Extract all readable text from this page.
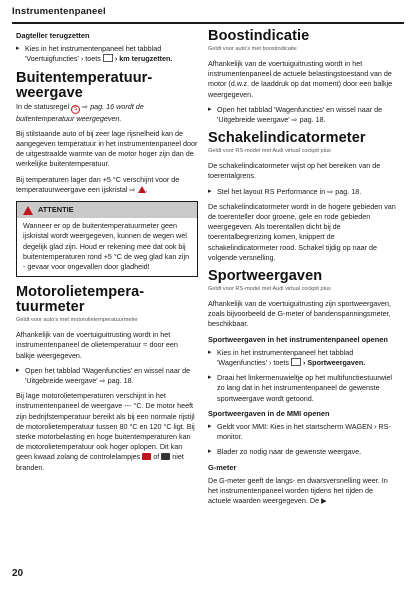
Instrumentenpaneel
Dagteller terugzetten

▸ Kies in het instrumentenpaneel het tabblad 'Voertuigfuncties' › toets › km terugzetten.

Buitentemperatuur-weergave

In de statusregel S ⇨ pag. 16 wordt de buitentemperatuur weergegeven.

Bij stilstaande auto of bij zeer lage rijsnelheid kan de aangegeven temperatuur in het instrumentenpaneel door de uitgestraalde warmte van de motor hoger zijn dan de werkelijke buitentemperatuur.

Bij temperaturen lager dan +5 °C verschijnt voor de temperatuurweergave een ijskristal ⇨ .

ATTENTIE
Wanneer er op de buitentemperatuurmeter geen ijskristal wordt weergegeven, kunnen de wegen wel degelijk glad zijn. Houd er rekening mee dat ook bij buitentemperaturen rond +5 °C de weg glad kan zijn - gevaar voor ongevallen door gladheid!
Motorolietempera-tuurmeter
Geldt voor auto's met motorolietemperatuurmeter

Afhankelijk van de voertuiguitrusting wordt in het instrumentenpaneel de olietemperatuur ≈ door een balkje weergegeven.

▸ Open het tabblad 'Wagenfuncties' en wissel naar de 'Uitgebreide weergave' ⇨ pag. 18.

Bij lage motorolietemperaturen verschijnt in het instrumentenpaneel de weergave --- °C. De motor heeft zijn bedrijfstemperatuur bereikt als bij een normale rijstijl de motorolietemperatuur tussen 80 °C en 120 °C ligt. Bij sterke motorbelasting en hoge buitentemperaturen kan de motorolietemperatuur ook hoger oplopen. Dit kan geen kwaad zolang de controlelampjes of niet branden.

Boostindicatie
Geldt voor auto's met boostindicatie

Afhankelijk van de voertuiguitrusting wordt in het instrumentenpaneel de actuele belastingstoestand van de motor (d.w.z. de laaddruk op dat moment) door een balkje weergegeven.

▸ Open het tabblad 'Wagenfuncties' en wissel naar de 'Uitgebreide weergave' ⇨ pag. 18.

Schakelindicatormeter
Geldt voor RS-model met Audi virtual cockpit plus

De schakelindicatormeter wijst op het bereiken van de toerentalgrens.

▸ Stel het layout RS Performance in ⇨ pag. 18.

De schakelindicatormeter wordt in de hogere gebieden van de toerenteller door groene, gele en rode gebieden weergegeven. Als toerentallen dicht bij de toerentalbegrenzing komen, knippert de schakelindicatormeter rood. Schakel tijdig op naar de volgende versnelling.

Sportweergaven
Geldt voor RS-model met Audi virtual cockpit plus

Afhankelijk van de voertuiguitrusting zijn sportweergaven, zoals bijvoorbeeld de G-meter of bandenspanningsmeter, beschikbaar.

Sportweergaven in het instrumentenpaneel openen

▸ Kies in het instrumentenpaneel het tabblad 'Wagenfuncties' › toets › Sportweergaven.

▸ Draai het linkermenuwieltje op het multifunctiestuurwiel zo lang dat in het instrumentenpaneel de gewenste sportweergave wordt getoond.

Sportweergaven in de MMI openen

▸ Geldt voor MMI: Kies in het startscherm WAGEN › RS-monitor.

▸ Blader zo nodig naar de gewenste weergave.

G-meter

De G-meter geeft de langs- en dwarsversnelling weer. In het instrumentenpaneel worden tijdens het rijden de actuele waarden weergegeven. De ▶

20
